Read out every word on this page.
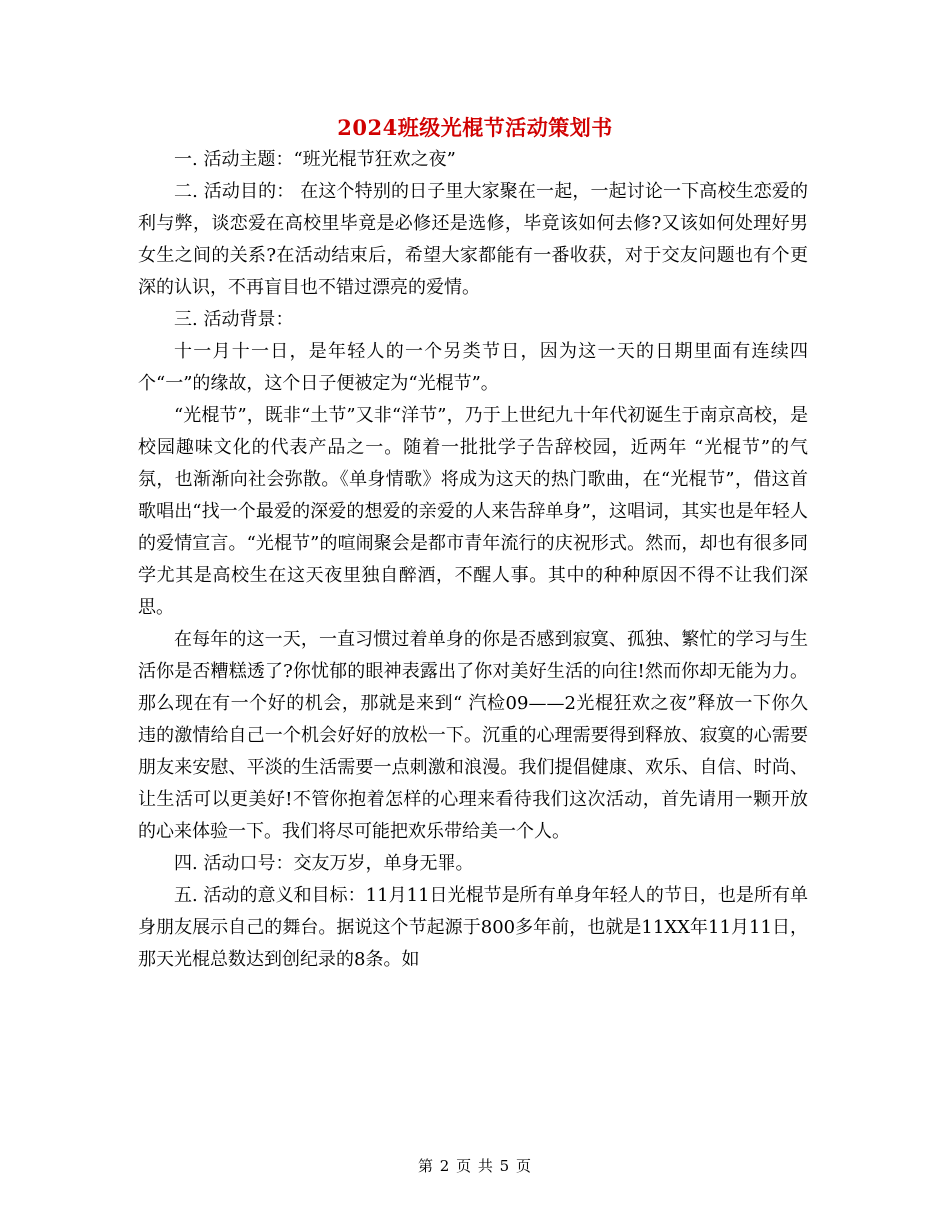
2024班级光棍节活动策划书

一. 活动主题：“班光棍节狂欢之夜”

二. 活动目的： 在这个特别的日子里大家聚在一起，一起讨论一下高校生恋爱的利与弊，谈恋爱在高校里毕竟是必修还是选修，毕竟该如何去修?又该如何处理好男女生之间的关系?在活动结束后，希望大家都能有一番收获，对于交友问题也有个更深的认识，不再盲目也不错过漂亮的爱情。

三. 活动背景：

十一月十一日，是年轻人的一个另类节日，因为这一天的日期里面有连续四个“一”的缘故，这个日子便被定为“光棍节”。

“光棍节”，既非“土节”又非“洋节”，乃于上世纪九十年代初诞生于南京高校，是校园趣味文化的代表产品之一。随着一批批学子告辞校园，近两年 “光棍节”的气氛，也渐渐向社会弥散。《单身情歌》将成为这天的热门歌曲，在“光棍节”，借这首歌唱出“找一个最爱的深爱的想爱的亲爱的人来告辞单身”，这唱词，其实也是年轻人的爱情宣言。“光棍节”的喧闹聚会是都市青年流行的庆祝形式。然而，却也有很多同学尤其是高校生在这天夜里独自醉酒，不醒人事。其中的种种原因不得不让我们深思。

在每年的这一天，一直习惯过着单身的你是否感到寂寞、孤独、繁忙的学习与生活你是否糟糕透了?你忧郁的眼神表露出了你对美好生活的向往!然而你却无能为力。那么现在有一个好的机会，那就是来到“ 汽检09——2光棍狂欢之夜”释放一下你久违的激情给自己一个机会好好的放松一下。沉重的心理需要得到释放、寂寞的心需要朋友来安慰、平淡的生活需要一点刺激和浪漫。我们提倡健康、欢乐、自信、时尚、让生活可以更美好!不管你抱着怎样的心理来看待我们这次活动，首先请用一颗开放的心来体验一下。我们将尽可能把欢乐带给美一个人。

四. 活动口号：交友万岁，单身无罪。

五. 活动的意义和目标：11月11日光棍节是所有单身年轻人的节日，也是所有单身朋友展示自己的舞台。据说这个节起源于800多年前，也就是11XX年11月11日，那天光棍总数达到创纪录的8条。如

第 2 页 共 5 页
